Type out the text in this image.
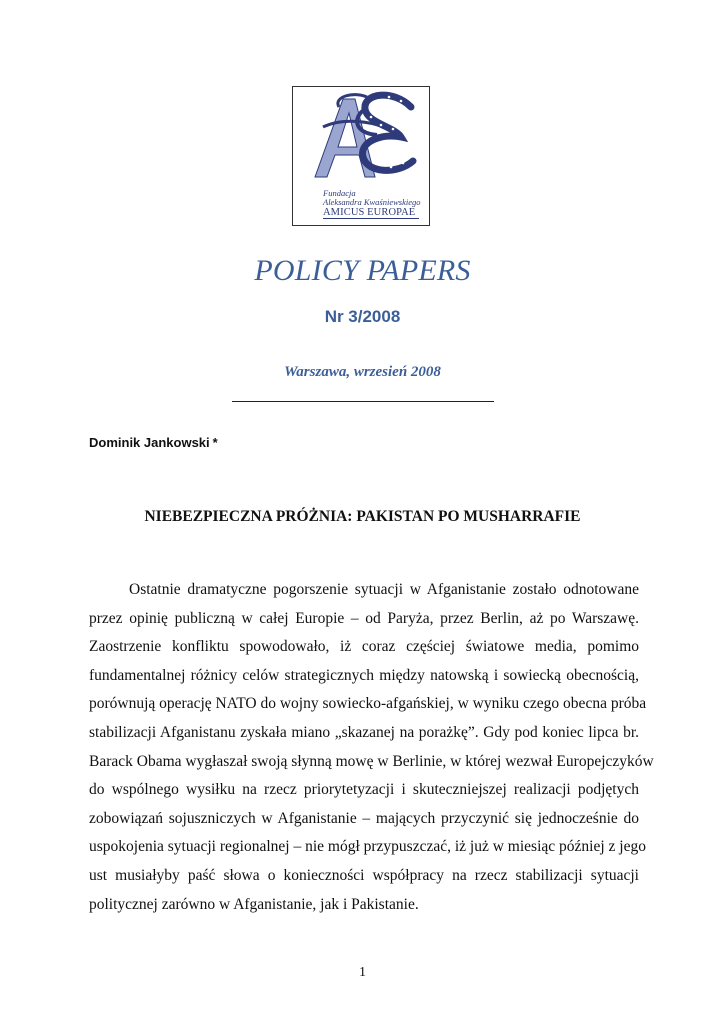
Fundacja
Aleksandra Kwaśniewskiego
AMICUS EUROPAE
POLICY PAPERS
Nr 3/2008
Warszawa, wrzesień 2008
Dominik Jankowski *
NIEBEZPIECZNA PRÓŻNIA: PAKISTAN PO MUSHARRAFIE
Ostatnie dramatyczne pogorszenie sytuacji w Afganistanie zostało odnotowane
przez opinię publiczną w całej Europie – od Paryża, przez Berlin, aż po Warszawę.
Zaostrzenie konfliktu spowodowało, iż coraz częściej światowe media, pomimo
fundamentalnej różnicy celów strategicznych między natowską i sowiecką obecnością,
porównują operację NATO do wojny sowiecko-afgańskiej, w wyniku czego obecna próba
stabilizacji Afganistanu zyskała miano „skazanej na porażkę”. Gdy pod koniec lipca br.
Barack Obama wygłaszał swoją słynną mowę w Berlinie, w której wezwał Europejczyków
do wspólnego wysiłku na rzecz priorytetyzacji i skuteczniejszej realizacji podjętych
zobowiązań sojuszniczych w Afganistanie – mających przyczynić się jednocześnie do
uspokojenia sytuacji regionalnej – nie mógł przypuszczać, iż już w miesiąc później z jego
ust musiałyby paść słowa o konieczności współpracy na rzecz stabilizacji sytuacji
politycznej zarówno w Afganistanie, jak i Pakistanie.
1
